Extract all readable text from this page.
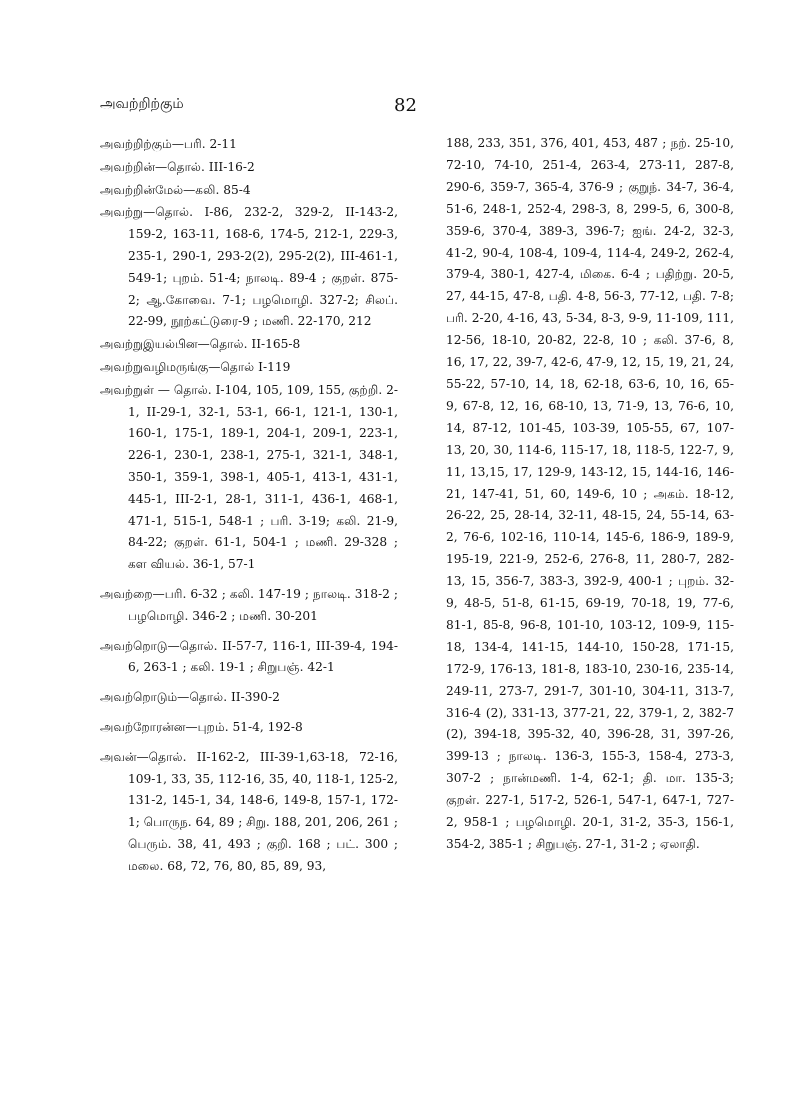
அவற்றிற்கும்	82
அவற்றிற்கும்—பரி. 2-11
அவற்றின்—தொல். III-16-2
அவற்றின்மேல்—கலி. 85-4
அவற்று—தொல். I-86, 232-2, 329-2, II-143-2, 159-2, 163-11, 168-6, 174-5, 212-1, 229-3, 235-1, 290-1, 293-2(2), 295-2(2), III-461-1, 549-1; புறம். 51-4; நாலடி. 89-4 ; குறள். 875-2; ஆ.கோவை. 7-1; பழமொழி. 327-2; சிலப். 22-99, நூற்கட்டுரை-9 ; மணி. 22-170, 212
அவற்றுஇயல்பின—தொல். II-165-8
அவற்றுவழிமருங்கு—தொல் I-119
அவற்றுள் — தொல். I-104, 105, 109, 155, குற்றி. 2-1, II-29-1, 32-1, 53-1, 66-1, 121-1, 130-1, 160-1, 175-1, 189-1, 204-1, 209-1, 223-1, 226-1, 230-1, 238-1, 275-1, 321-1, 348-1, 350-1, 359-1, 398-1, 405-1, 413-1, 431-1, 445-1, III-2-1, 28-1, 311-1, 436-1, 468-1, 471-1, 515-1, 548-1 ; பரி. 3-19; கலி. 21-9, 84-22; குறள். 61-1, 504-1 ; மணி. 29-328 ; கள வியல். 36-1, 57-1
அவற்றை—பரி. 6-32 ; கலி. 147-19 ; நாலடி. 318-2 ; பழமொழி. 346-2 ; மணி. 30-201
அவற்றொடு—தொல். II-57-7, 116-1, III-39-4, 194-6, 263-1 ; கலி. 19-1 ; சிறுபஞ். 42-1
அவற்றொடும்—தொல். II-390-2
அவற்றோரன்ன—புறம். 51-4, 192-8
அவன்—தொல். II-162-2, III-39-1,63-18, 72-16, 109-1, 33, 35, 112-16, 35, 40, 118-1, 125-2, 131-2, 145-1, 34, 148-6, 149-8, 157-1, 172-1; பொருந. 64, 89 ; சிறு. 188, 201, 206, 261 ; பெரும். 38, 41, 493 ; குறி. 168 ; பட். 300 ; மலை. 68, 72, 76, 80, 85, 89, 93,
188, 233, 351, 376, 401, 453, 487 ; நற். 25-10, 72-10, 74-10, 251-4, 263-4, 273-11, 287-8, 290-6, 359-7, 365-4, 376-9 ; குறுந். 34-7, 36-4, 51-6, 248-1, 252-4, 298-3, 8, 299-5, 6, 300-8, 359-6, 370-4, 389-3, 396-7; ஐங். 24-2, 32-3, 41-2, 90-4, 108-4, 109-4, 114-4, 249-2, 262-4, 379-4, 380-1, 427-4, மிகை. 6-4 ; பதிற்று. 20-5, 27, 44-15, 47-8, பதி. 4-8, 56-3, 77-12, பதி. 7-8; பரி. 2-20, 4-16, 43, 5-34, 8-3, 9-9, 11-109, 111, 12-56, 18-10, 20-82, 22-8, 10 ; கலி. 37-6, 8, 16, 17, 22, 39-7, 42-6, 47-9, 12, 15, 19, 21, 24, 55-22, 57-10, 14, 18, 62-18, 63-6, 10, 16, 65-9, 67-8, 12, 16, 68-10, 13, 71-9, 13, 76-6, 10, 14, 87-12, 101-45, 103-39, 105-55, 67, 107-13, 20, 30, 114-6, 115-17, 18, 118-5, 122-7, 9, 11, 13,15, 17, 129-9, 143-12, 15, 144-16, 146-21, 147-41, 51, 60, 149-6, 10 ; அகம். 18-12, 26-22, 25, 28-14, 32-11, 48-15, 24, 55-14, 63-2, 76-6, 102-16, 110-14, 145-6, 186-9, 189-9, 195-19, 221-9, 252-6, 276-8, 11, 280-7, 282-13, 15, 356-7, 383-3, 392-9, 400-1 ; புறம். 32-9, 48-5, 51-8, 61-15, 69-19, 70-18, 19, 77-6, 81-1, 85-8, 96-8, 101-10, 103-12, 109-9, 115-18, 134-4, 141-15, 144-10, 150-28, 171-15, 172-9, 176-13, 181-8, 183-10, 230-16, 235-14, 249-11, 273-7, 291-7, 301-10, 304-11, 313-7, 316-4 (2), 331-13, 377-21, 22, 379-1, 2, 382-7 (2), 394-18, 395-32, 40, 396-28, 31, 397-26, 399-13 ; நாலடி. 136-3, 155-3, 158-4, 273-3, 307-2 ; நான்மணி. 1-4, 62-1; தி. மா. 135-3; குறள். 227-1, 517-2, 526-1, 547-1, 647-1, 727-2, 958-1 ; பழமொழி. 20-1, 31-2, 35-3, 156-1, 354-2, 385-1 ; சிறுபஞ். 27-1, 31-2 ; ஏலாதி.
